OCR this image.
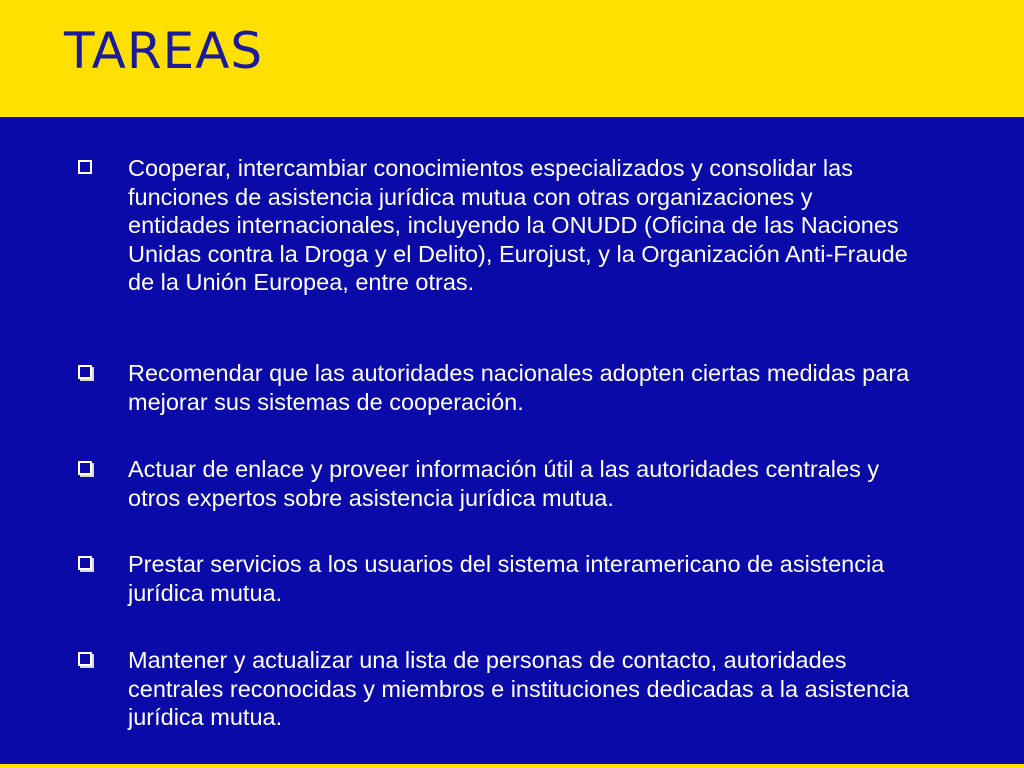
TAREAS

Cooperar, intercambiar conocimientos especializados y consolidar las funciones de asistencia jurídica mutua con otras organizaciones y entidades internacionales, incluyendo la ONUDD (Oficina de las Naciones Unidas contra la Droga y el Delito), Eurojust, y la Organización Anti-Fraude de la Unión Europea, entre otras.

Recomendar que las autoridades nacionales adopten ciertas medidas para mejorar sus sistemas de cooperación.

Actuar de enlace y proveer información útil a las autoridades centrales y otros expertos sobre asistencia jurídica mutua.

Prestar servicios a los usuarios del sistema interamericano de asistencia jurídica mutua.

Mantener y actualizar una lista de personas de contacto, autoridades centrales reconocidas y miembros e instituciones dedicadas a la asistencia jurídica mutua.
